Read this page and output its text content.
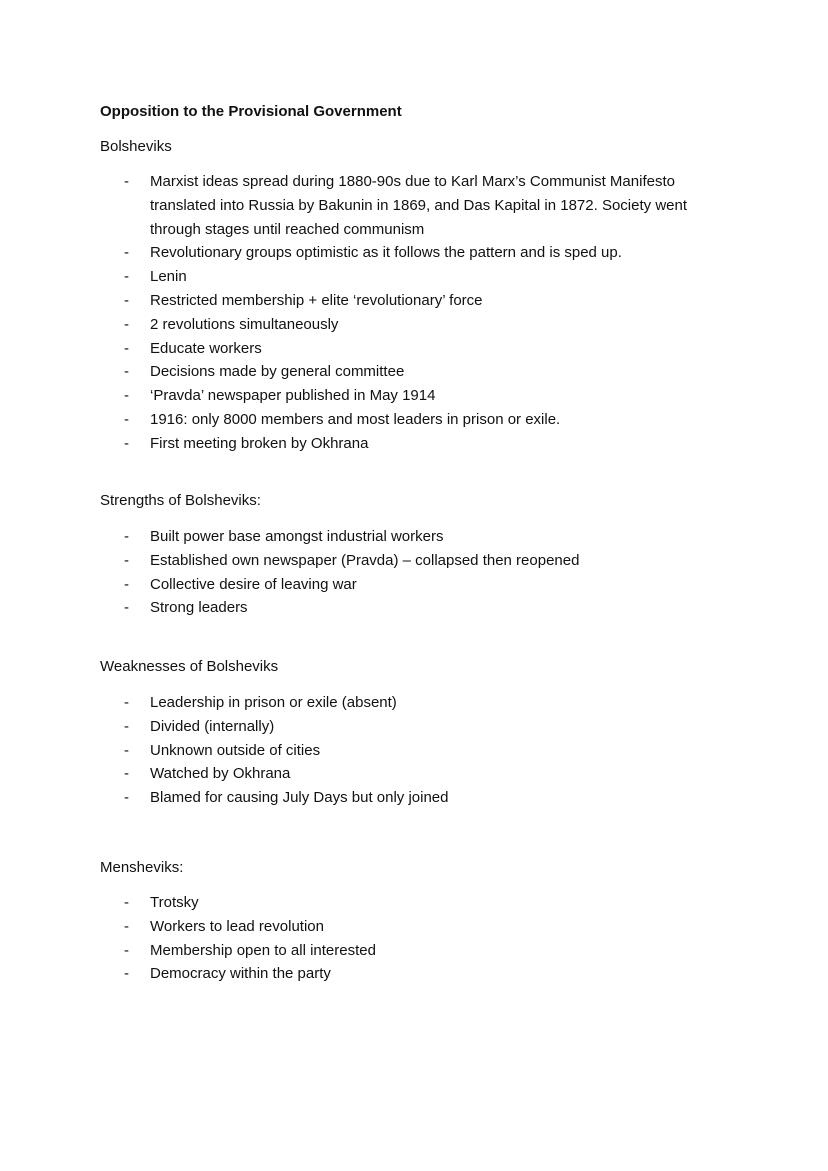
Opposition to the Provisional Government
Bolsheviks
- Marxist ideas spread during 1880-90s due to Karl Marx’s Communist Manifesto translated into Russia by Bakunin in 1869, and Das Kapital in 1872. Society went through stages until reached communism
- Revolutionary groups optimistic as it follows the pattern and is sped up.
- Lenin
- Restricted membership + elite ‘revolutionary’ force
- 2 revolutions simultaneously
- Educate workers
- Decisions made by general committee
- ‘Pravda’ newspaper published in May 1914
- 1916: only 8000 members and most leaders in prison or exile.
- First meeting broken by Okhrana
Strengths of Bolsheviks:
- Built power base amongst industrial workers
- Established own newspaper (Pravda) – collapsed then reopened
- Collective desire of leaving war
- Strong leaders
Weaknesses of Bolsheviks
- Leadership in prison or exile (absent)
- Divided (internally)
- Unknown outside of cities
- Watched by Okhrana
- Blamed for causing July Days but only joined
Mensheviks:
- Trotsky
- Workers to lead revolution
- Membership open to all interested
- Democracy within the party
